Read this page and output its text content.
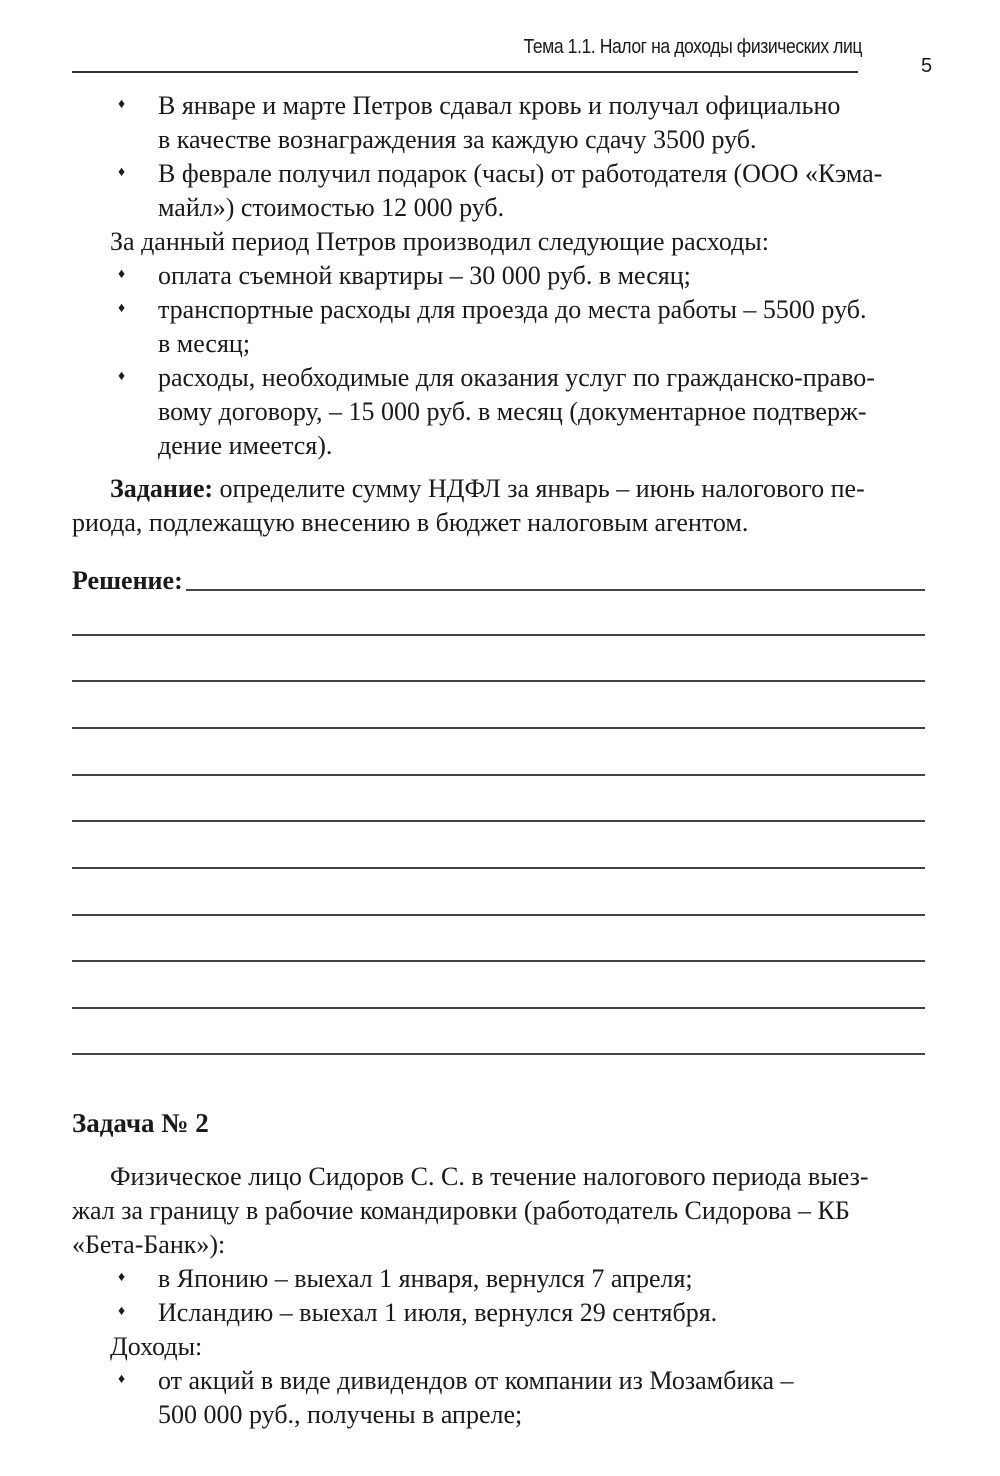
Тема 1.1. Налог на доходы физических лиц
5
♦ В январе и марте Петров сдавал кровь и получал официально
в качестве вознаграждения за каждую сдачу 3500 руб.
♦ В феврале получил подарок (часы) от работодателя (ООО «Кэма-
майл») стоимостью 12 000 руб.
За данный период Петров производил следующие расходы:
♦ оплата съемной квартиры – 30 000 руб. в месяц;
♦ транспортные расходы для проезда до места работы – 5500 руб.
в месяц;
♦ расходы, необходимые для оказания услуг по гражданско-право-
вому договору, – 15 000 руб. в месяц (документарное подтверж-
дение имеется).
Задание: определите сумму НДФЛ за январь – июнь налогового пе-
риода, подлежащую внесению в бюджет налоговым агентом.
Решение:
Задача № 2
Физическое лицо Сидоров С. С. в течение налогового периода выез-
жал за границу в рабочие командировки (работодатель Сидорова – КБ
«Бета-Банк»):
♦ в Японию – выехал 1 января, вернулся 7 апреля;
♦ Исландию – выехал 1 июля, вернулся 29 сентября.
Доходы:
♦ от акций в виде дивидендов от компании из Мозамбика –
500 000 руб., получены в апреле;
